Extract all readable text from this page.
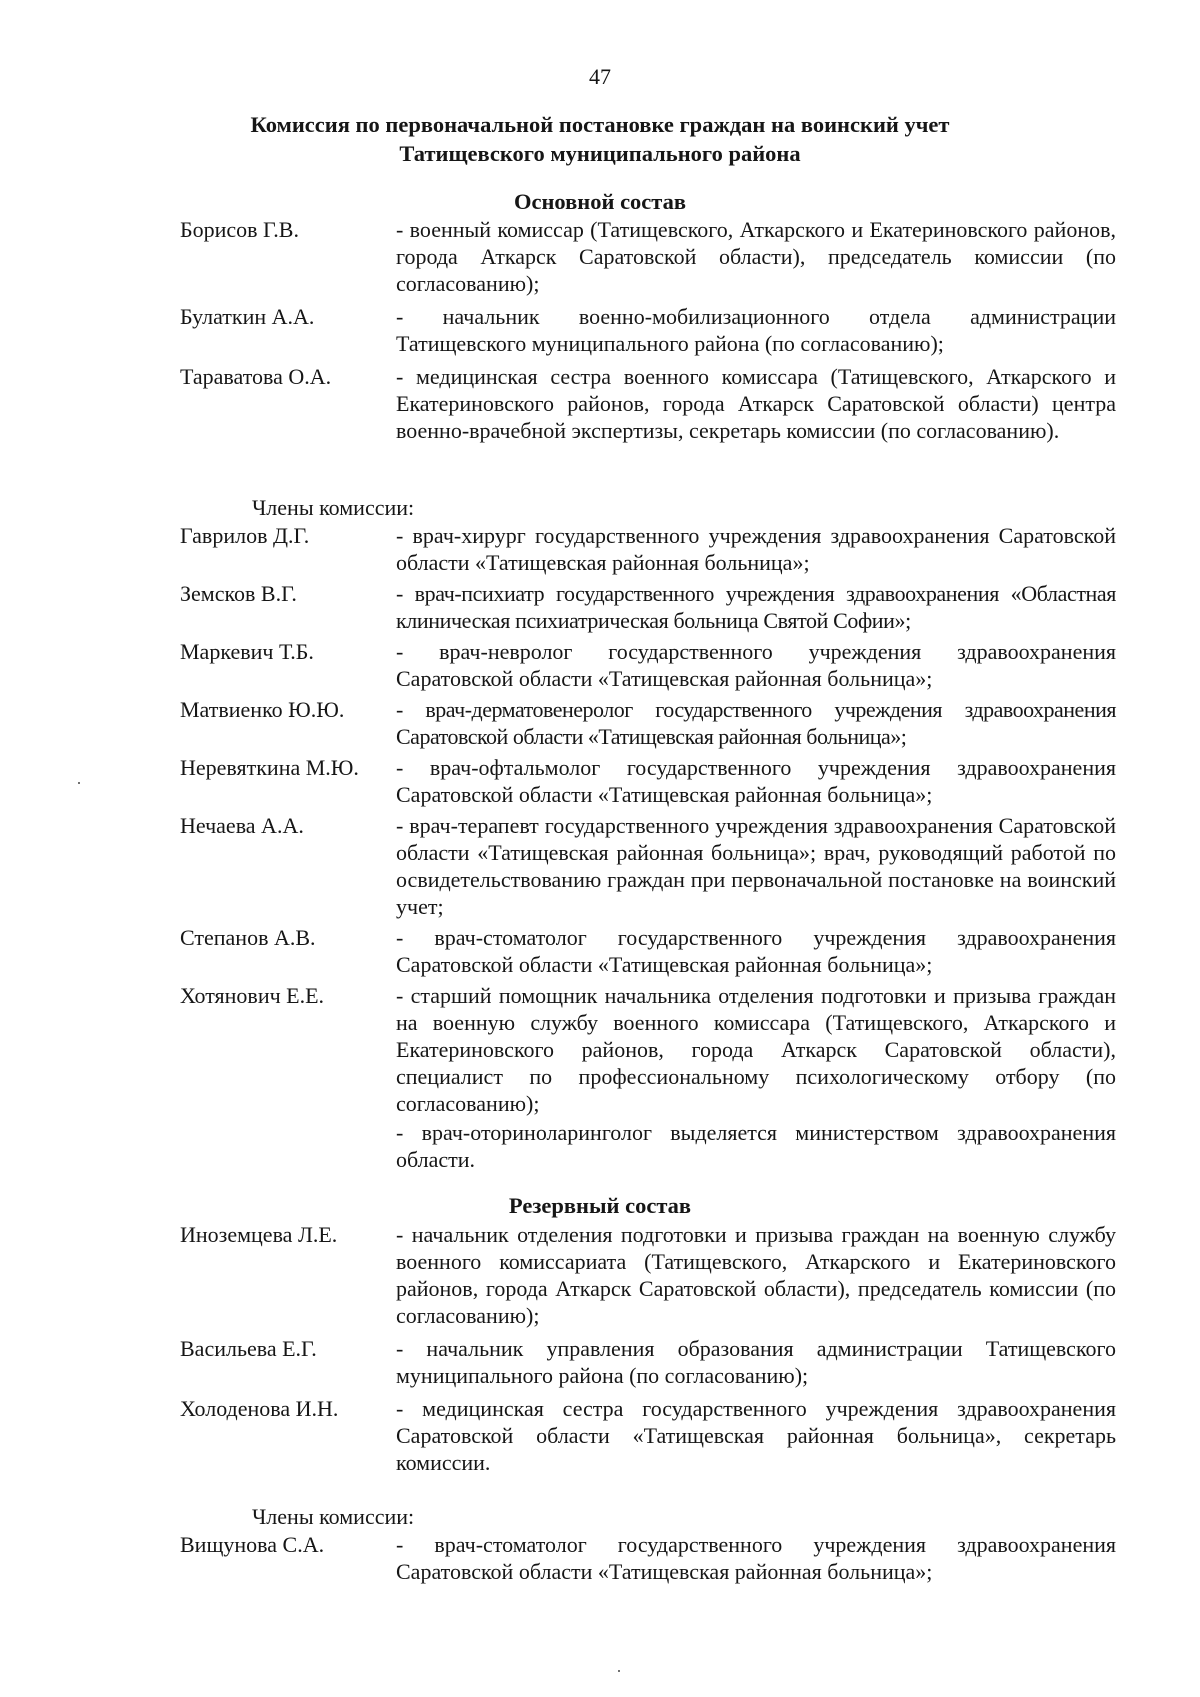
47
Комиссия по первоначальной постановке граждан на воинский учет
Татищевского муниципального района
Основной состав
Борисов Г.В.	- военный комиссар (Татищевского, Аткарского и Екатериновского районов, города Аткарск Саратовской области), председатель комиссии (по согласованию);
Булаткин А.А.	- начальник военно-мобилизационного отдела администрации Татищевского муниципального района (по согласованию);
Тараватова О.А.	- медицинская сестра военного комиссара (Татищевского, Аткарского и Екатериновского районов, города Аткарск Саратовской области) центра военно-врачебной экспертизы, секретарь комиссии (по согласованию).
Члены комиссии:
Гаврилов Д.Г.	- врач-хирург государственного учреждения здравоохранения Саратовской области «Татищевская районная больница»;
Земсков В.Г.	- врач-психиатр государственного учреждения здравоохранения «Областная клиническая психиатрическая больница Святой Софии»;
Маркевич Т.Б.	- врач-невролог государственного учреждения здравоохранения Саратовской области «Татищевская районная больница»;
Матвиенко Ю.Ю. - врач-дерматовенеролог государственного учреждения здравоохранения Саратовской области «Татищевская районная больница»;
Неревяткина М.Ю. - врач-офтальмолог государственного учреждения здравоохранения Саратовской области «Татищевская районная больница»;
Нечаева А.А.	- врач-терапевт государственного учреждения здравоохранения Саратовской области «Татищевская районная больница»; врач, руководящий работой по освидетельствованию граждан при первоначальной постановке на воинский учет;
Степанов А.В.	- врач-стоматолог государственного учреждения здравоохранения Саратовской области «Татищевская районная больница»;
Хотянович Е.Е.	- старший помощник начальника отделения подготовки и призыва граждан на военную службу военного комиссара (Татищевского, Аткарского и Екатериновского районов, города Аткарск Саратовской области), специалист по профессиональному психологическому отбору (по согласованию);
- врач-оториноларинголог выделяется министерством здравоохранения области.
Резервный состав
Иноземцева Л.Е.	- начальник отделения подготовки и призыва граждан на военную службу военного комиссариата (Татищевского, Аткарского и Екатериновского районов, города Аткарск Саратовской области), председатель комиссии (по согласованию);
Васильева Е.Г.	- начальник управления образования администрации Татищевского муниципального района (по согласованию);
Холоденова И.Н.	- медицинская сестра государственного учреждения здравоохранения Саратовской области «Татищевская районная больница», секретарь комиссии.
Члены комиссии:
Вищунова С.А.	- врач-стоматолог государственного учреждения здравоохранения Саратовской области «Татищевская районная больница»;
